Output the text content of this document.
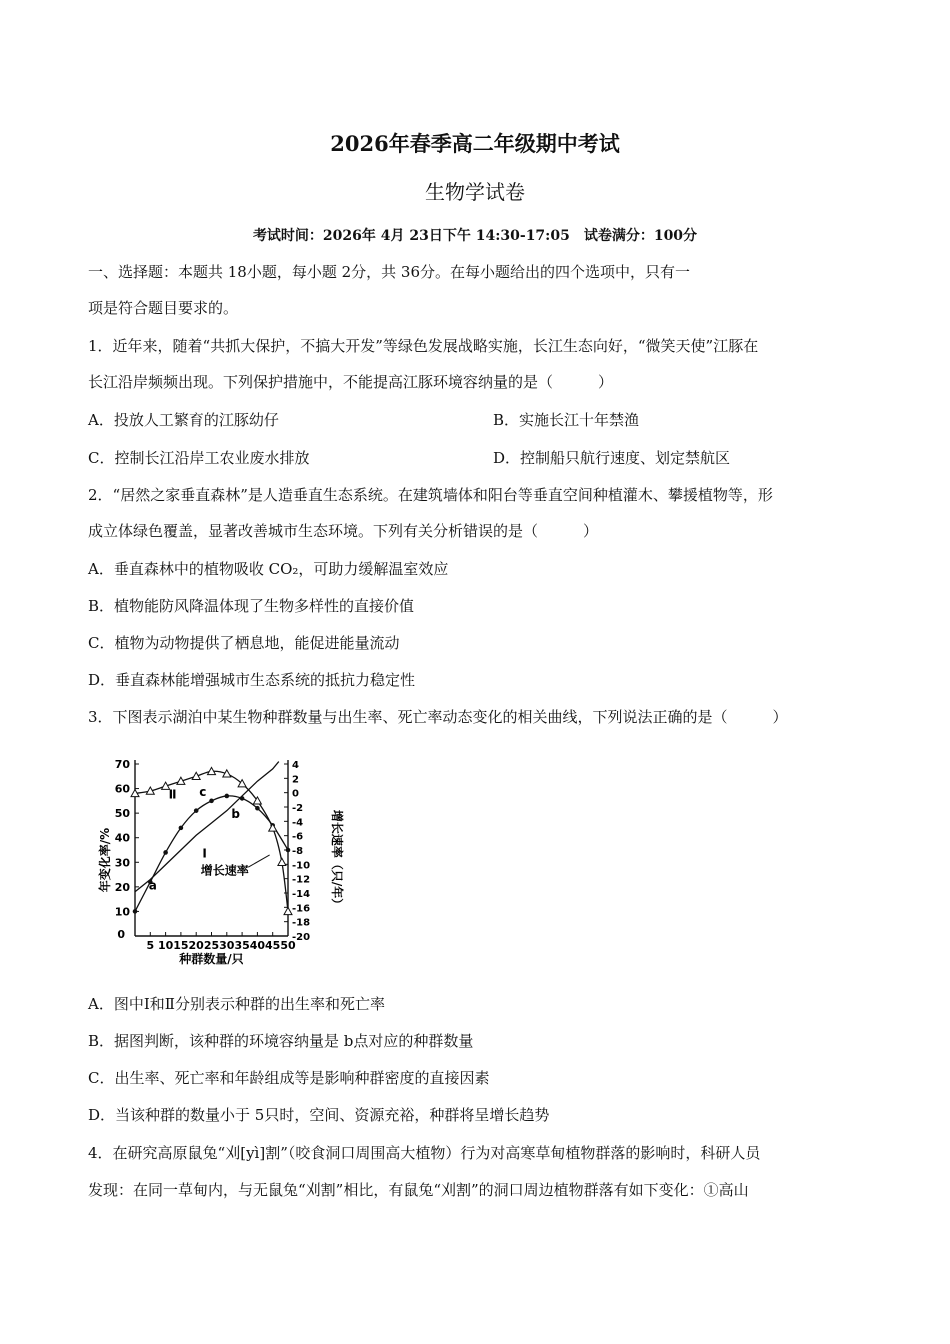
2026年春季高二年级期中考试
生物学试卷
考试时间：2026年 4月 23日下午 14:30-17:05　试卷满分：100分
一、选择题：本题共 18小题，每小题 2分，共 36分。在每小题给出的四个选项中，只有一
项是符合题目要求的。
1．近年来，随着“共抓大保护，不搞大开发”等绿色发展战略实施，长江生态向好，“微笑天使”江豚在
长江沿岸频频出现。下列保护措施中，不能提高江豚环境容纳量的是（　　　）
A．投放人工繁育的江豚幼仔	B．实施长江十年禁渔
C．控制长江沿岸工农业废水排放	D．控制船只航行速度、划定禁航区
2．“居然之家垂直森林”是人造垂直生态系统。在建筑墙体和阳台等垂直空间种植灌木、攀援植物等，形
成立体绿色覆盖，显著改善城市生态环境。下列有关分析错误的是（　　　）
A．垂直森林中的植物吸收 CO₂，可助力缓解温室效应
B．植物能防风降温体现了生物多样性的直接价值
C．植物为动物提供了栖息地，能促进能量流动
D．垂直森林能增强城市生态系统的抵抗力稳定性
3．下图表示湖泊中某生物种群数量与出生率、死亡率动态变化的相关曲线，下列说法正确的是（　　　）
5 10 15 20 25 30 35 40 45 50
0
10
20
30
40
50
60
70	4
2
0
-2
-4
-6
-8
-10
-12
-14
-16
-18
-20
种群数量/只
年变化率/%	增长速率（只/年）
Ⅰ
Ⅱ c
a
b
增长速率
A．图中Ⅰ和Ⅱ分别表示种群的出生率和死亡率
B．据图判断，该种群的环境容纳量是 b点对应的种群数量
C．出生率、死亡率和年龄组成等是影响种群密度的直接因素
D．当该种群的数量小于 5只时，空间、资源充裕，种群将呈增长趋势
4．在研究高原鼠兔“刈[yì]割”（咬食洞口周围高大植物）行为对高寒草甸植物群落的影响时，科研人员
发现：在同一草甸内，与无鼠兔“刈割”相比，有鼠兔“刈割”的洞口周边植物群落有如下变化：①高山
